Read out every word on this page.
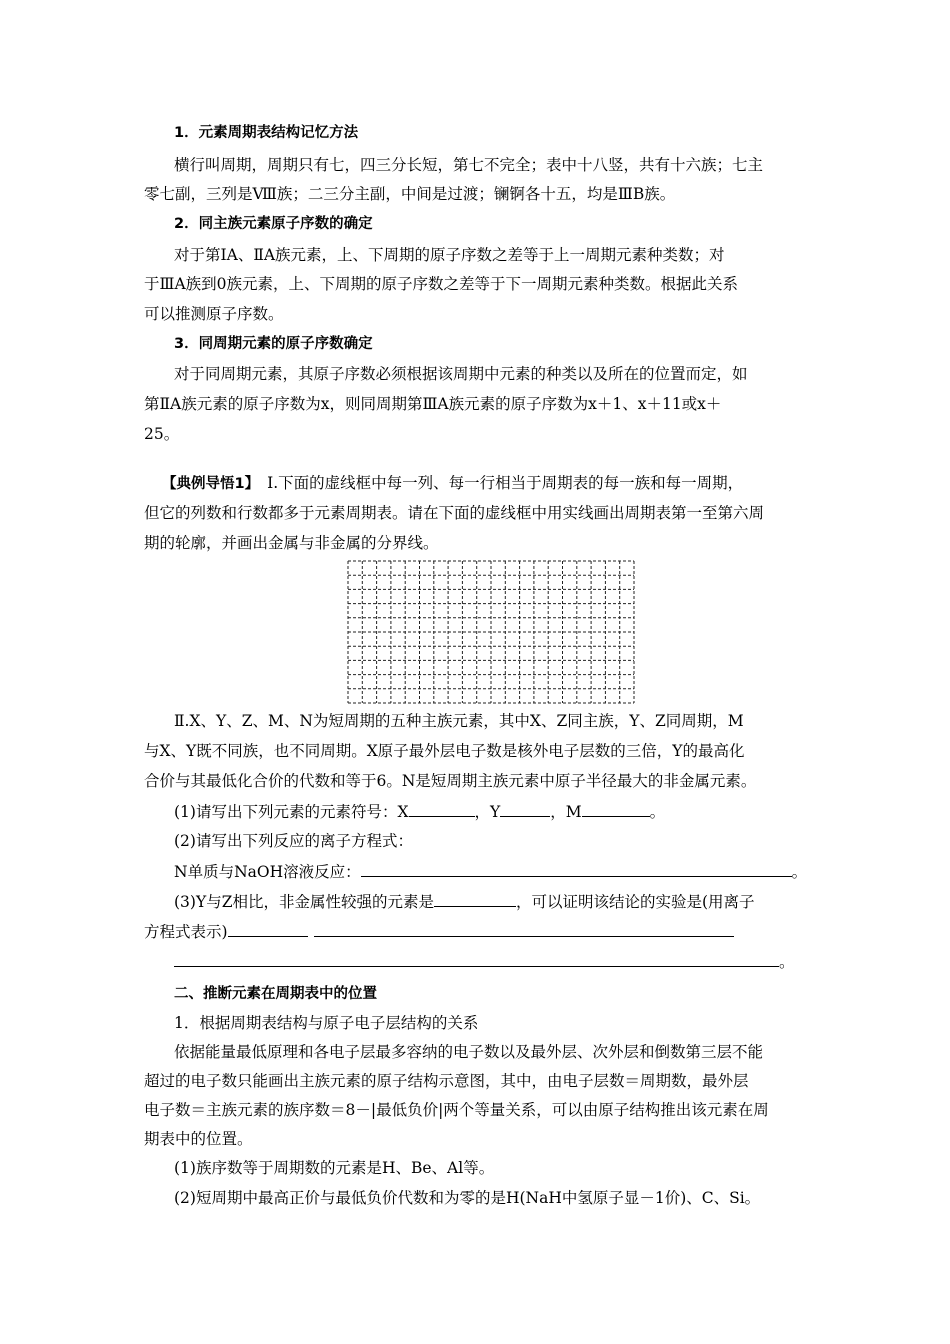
1．元素周期表结构记忆方法
横行叫周期，周期只有七，四三分长短，第七不完全；表中十八竖，共有十六族；七主
零七副，三列是Ⅷ族；二三分主副，中间是过渡；镧锕各十五，均是ⅢB族。
2．同主族元素原子序数的确定
对于第ⅠA、ⅡA族元素，上、下周期的原子序数之差等于上一周期元素种类数；对
于ⅢA族到0族元素，上、下周期的原子序数之差等于下一周期元素种类数。根据此关系
可以推测原子序数。
3．同周期元素的原子序数确定
对于同周期元素，其原子序数必须根据该周期中元素的种类以及所在的位置而定，如
第ⅡA族元素的原子序数为x，则同周期第ⅢA族元素的原子序数为x＋1、x＋11或x＋
25。
【典例导悟1】 Ⅰ.下面的虚线框中每一列、每一行相当于周期表的每一族和每一周期，
但它的列数和行数都多于元素周期表。请在下面的虚线框中用实线画出周期表第一至第六周
期的轮廓，并画出金属与非金属的分界线。
Ⅱ.X、Y、Z、M、N为短周期的五种主族元素，其中X、Z同主族，Y、Z同周期，M
与X、Y既不同族，也不同周期。X原子最外层电子数是核外电子层数的三倍，Y的最高化
合价与其最低化合价的代数和等于6。N是短周期主族元素中原子半径最大的非金属元素。
(1)请写出下列元素的元素符号：X	，Y	，M	。
(2)请写出下列反应的离子方程式：
N单质与NaOH溶液反应：	。
(3)Y与Z相比，非金属性较强的元素是	，可以证明该结论的实验是(用离子
方程式表示)
。
二、推断元素在周期表中的位置
1．根据周期表结构与原子电子层结构的关系
依据能量最低原理和各电子层最多容纳的电子数以及最外层、次外层和倒数第三层不能
超过的电子数只能画出主族元素的原子结构示意图，其中，由电子层数＝周期数，最外层
电子数＝主族元素的族序数＝8－|最低负价|两个等量关系，可以由原子结构推出该元素在周
期表中的位置。
(1)族序数等于周期数的元素是H、Be、Al等。
(2)短周期中最高正价与最低负价代数和为零的是H(NaH中氢原子显－1价)、C、Si。
